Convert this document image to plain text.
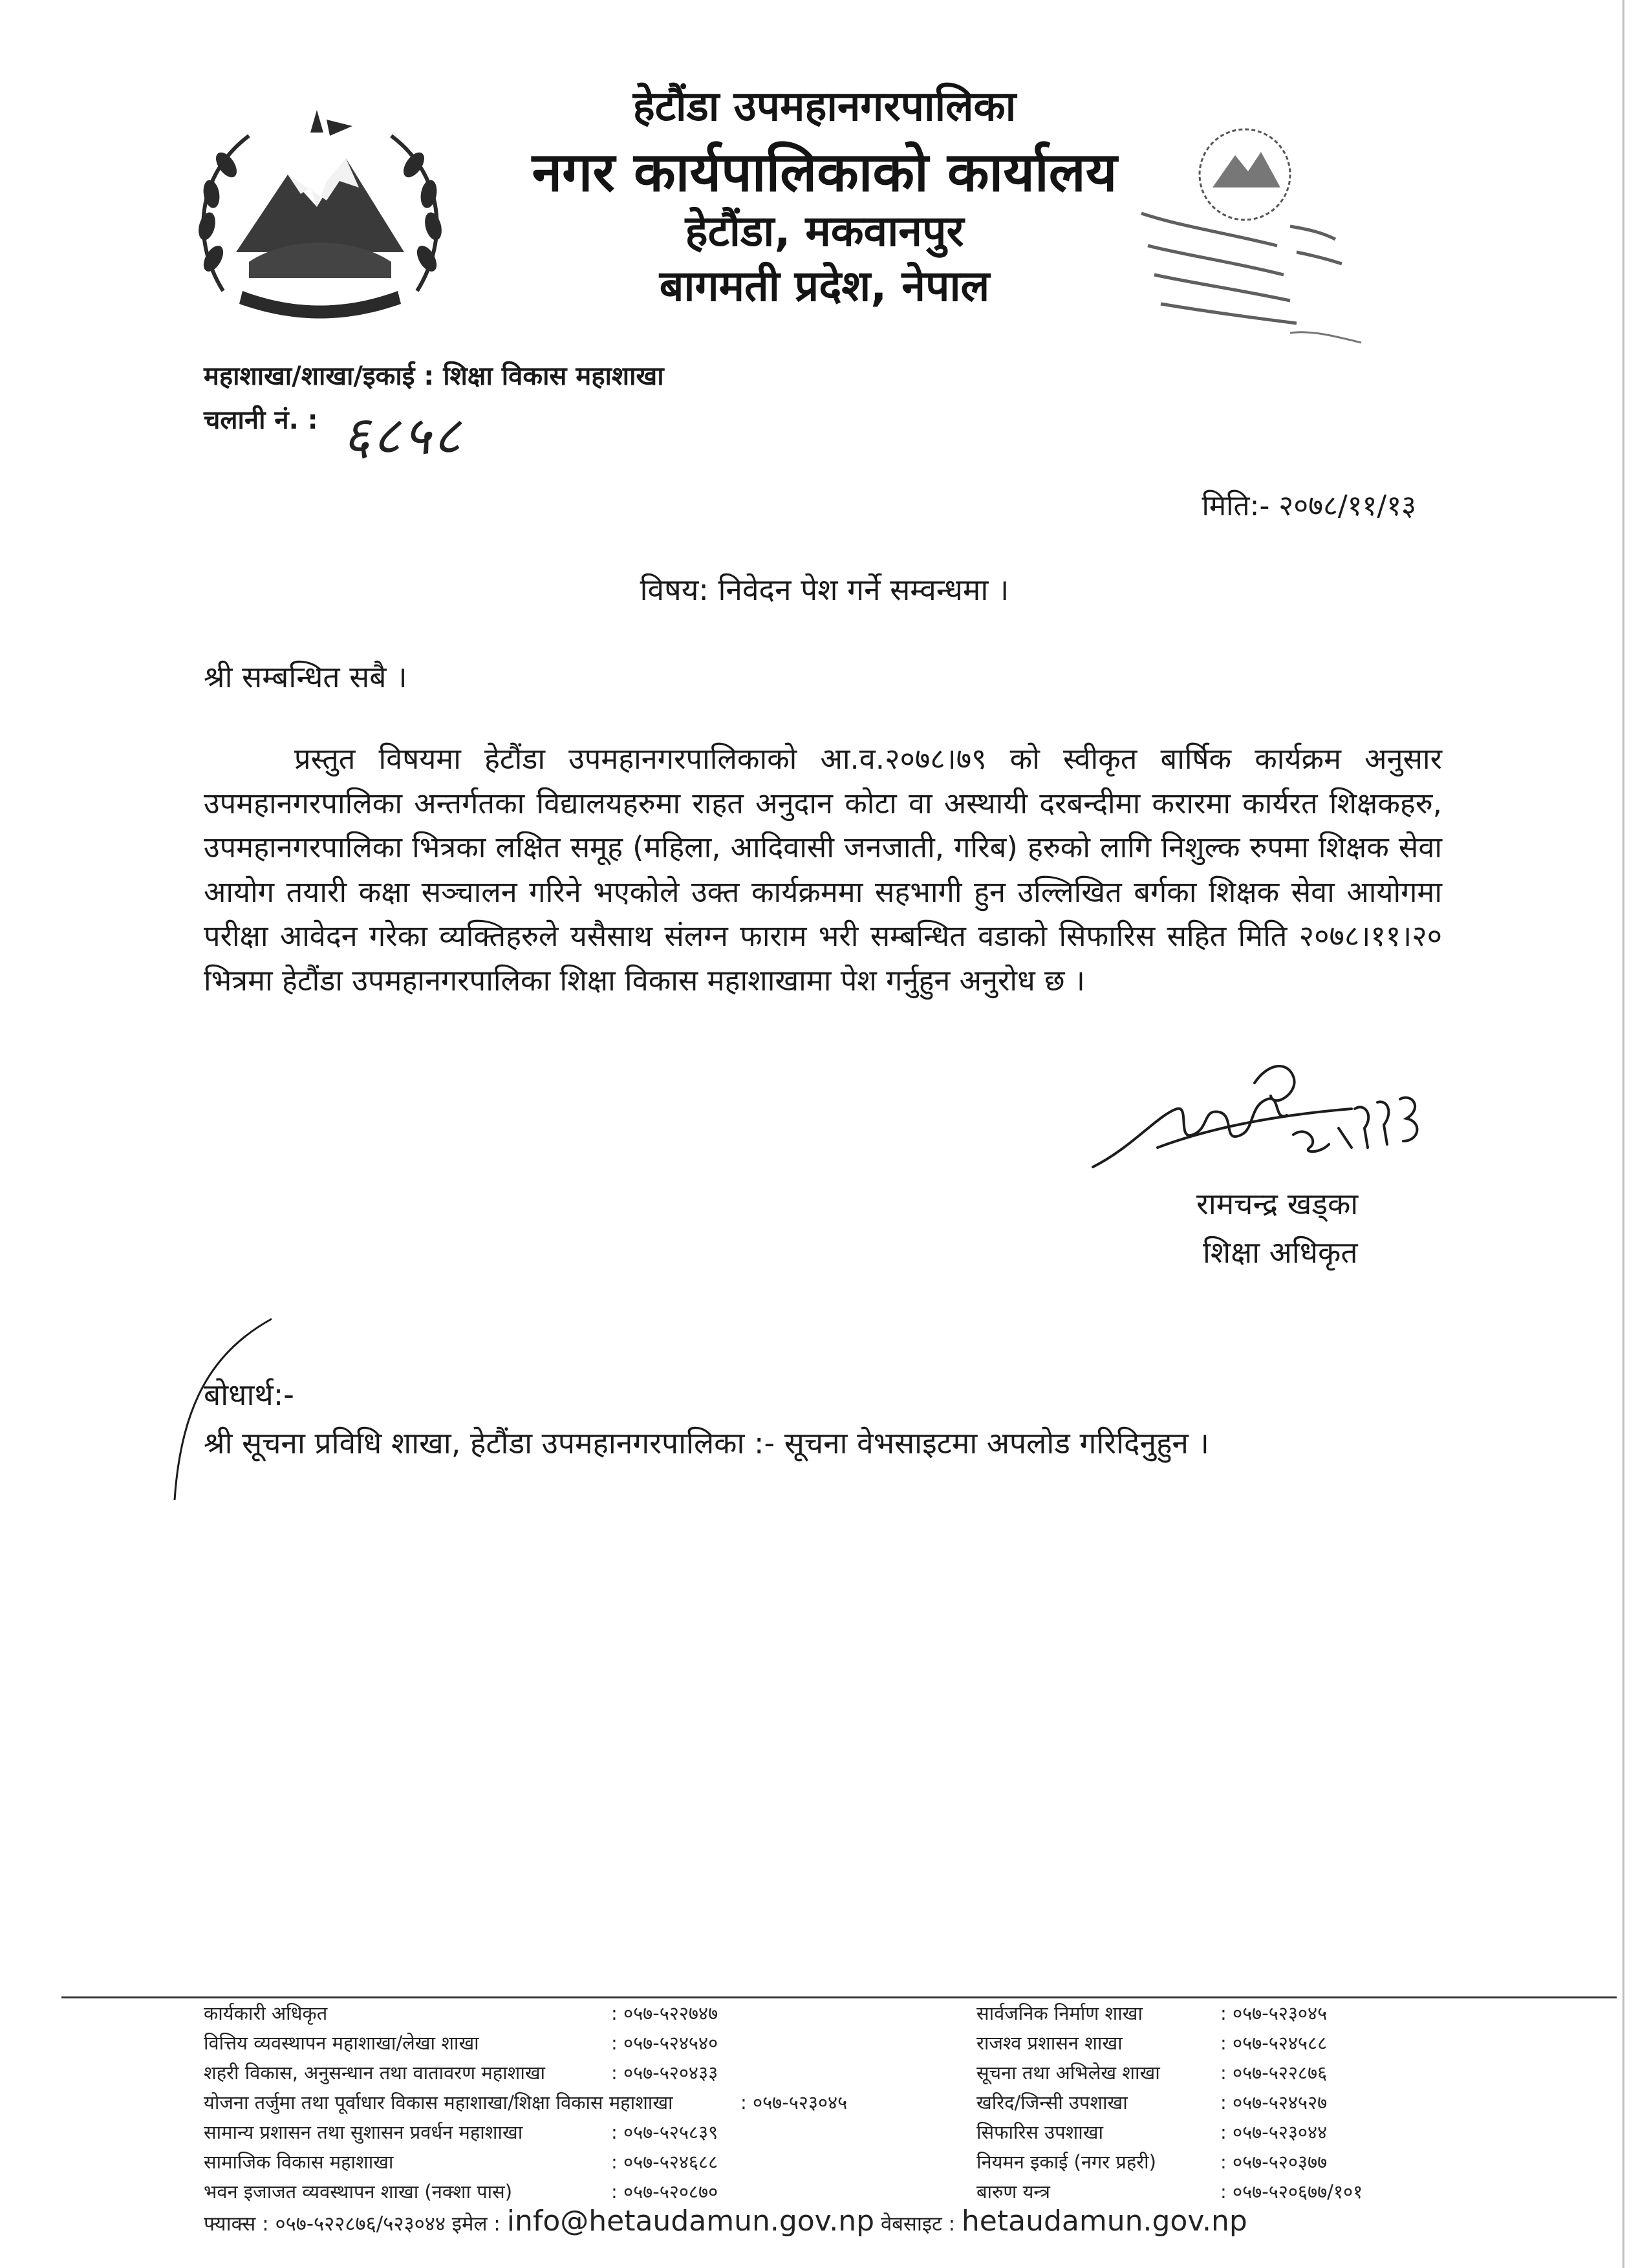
हेटौंडा उपमहानगरपालिका
नगर कार्यपालिकाको कार्यालय
हेटौंडा, मकवानपुर
बागमती प्रदेश, नेपाल
महाशाखा/शाखा/इकाई : शिक्षा विकास महाशाखा
चलानी नं. : ६८५८
मिति:- २०७८/११/१३
विषय: निवेदन पेश गर्ने सम्वन्धमा ।
श्री सम्बन्धित सबै ।
प्रस्तुत विषयमा हेटौंडा उपमहानगरपालिकाको आ.व.२०७८।७९ को स्वीकृत बार्षिक कार्यक्रम अनुसार उपमहानगरपालिका अन्तर्गतका विद्यालयहरुमा राहत अनुदान कोटा वा अस्थायी दरबन्दीमा करारमा कार्यरत शिक्षकहरु, उपमहानगरपालिका भित्रका लक्षित समूह (महिला, आदिवासी जनजाती, गरिब) हरुको लागि निशुल्क रुपमा शिक्षक सेवा आयोग तयारी कक्षा सञ्चालन गरिने भएकोले उक्त कार्यक्रममा सहभागी हुन उल्लिखित बर्गका शिक्षक सेवा आयोगमा परीक्षा आवेदन गरेका व्यक्तिहरुले यसैसाथ संलग्न फाराम भरी सम्बन्धित वडाको सिफारिस सहित मिति २०७८।११।२० भित्रमा हेटौंडा उपमहानगरपालिका शिक्षा विकास महाशाखामा पेश गर्नुहुन अनुरोध छ ।
रामचन्द्र खड्का
शिक्षा अधिकृत
बोधार्थ:-
श्री सूचना प्रविधि शाखा, हेटौंडा उपमहानगरपालिका :- सूचना वेभसाइटमा अपलोड गरिदिनुहुन ।
कार्यकारी अधिकृत	: ०५७-५२२७४७	सार्वजनिक निर्माण शाखा	: ०५७-५२३०४५
वित्तिय व्यवस्थापन महाशाखा/लेखा शाखा	: ०५७-५२४५४०	राजश्व प्रशासन शाखा	: ०५७-५२४५८८
शहरी विकास, अनुसन्धान तथा वातावरण महाशाखा	: ०५७-५२०४३३	सूचना तथा अभिलेख शाखा	: ०५७-५२२८७६
योजना तर्जुमा तथा पूर्वाधार विकास महाशाखा/शिक्षा विकास महाशाखा	: ०५७-५२३०४५	खरिद/जिन्सी उपशाखा	: ०५७-५२४५२७
सामान्य प्रशासन तथा सुशासन प्रवर्धन महाशाखा	: ०५७-५२५८३९	सिफारिस उपशाखा	: ०५७-५२३०४४
सामाजिक विकास महाशाखा	: ०५७-५२४६८८	नियमन इकाई (नगर प्रहरी)	: ०५७-५२०३७७
भवन इजाजत व्यवस्थापन शाखा (नक्शा पास)	: ०५७-५२०८७०	बारुण यन्त्र	: ०५७-५२०६७७/१०१
फ्याक्स : ०५७-५२२८७६/५२३०४४ इमेल : info@hetaudamun.gov.np वेबसाइट : hetaudamun.gov.np
